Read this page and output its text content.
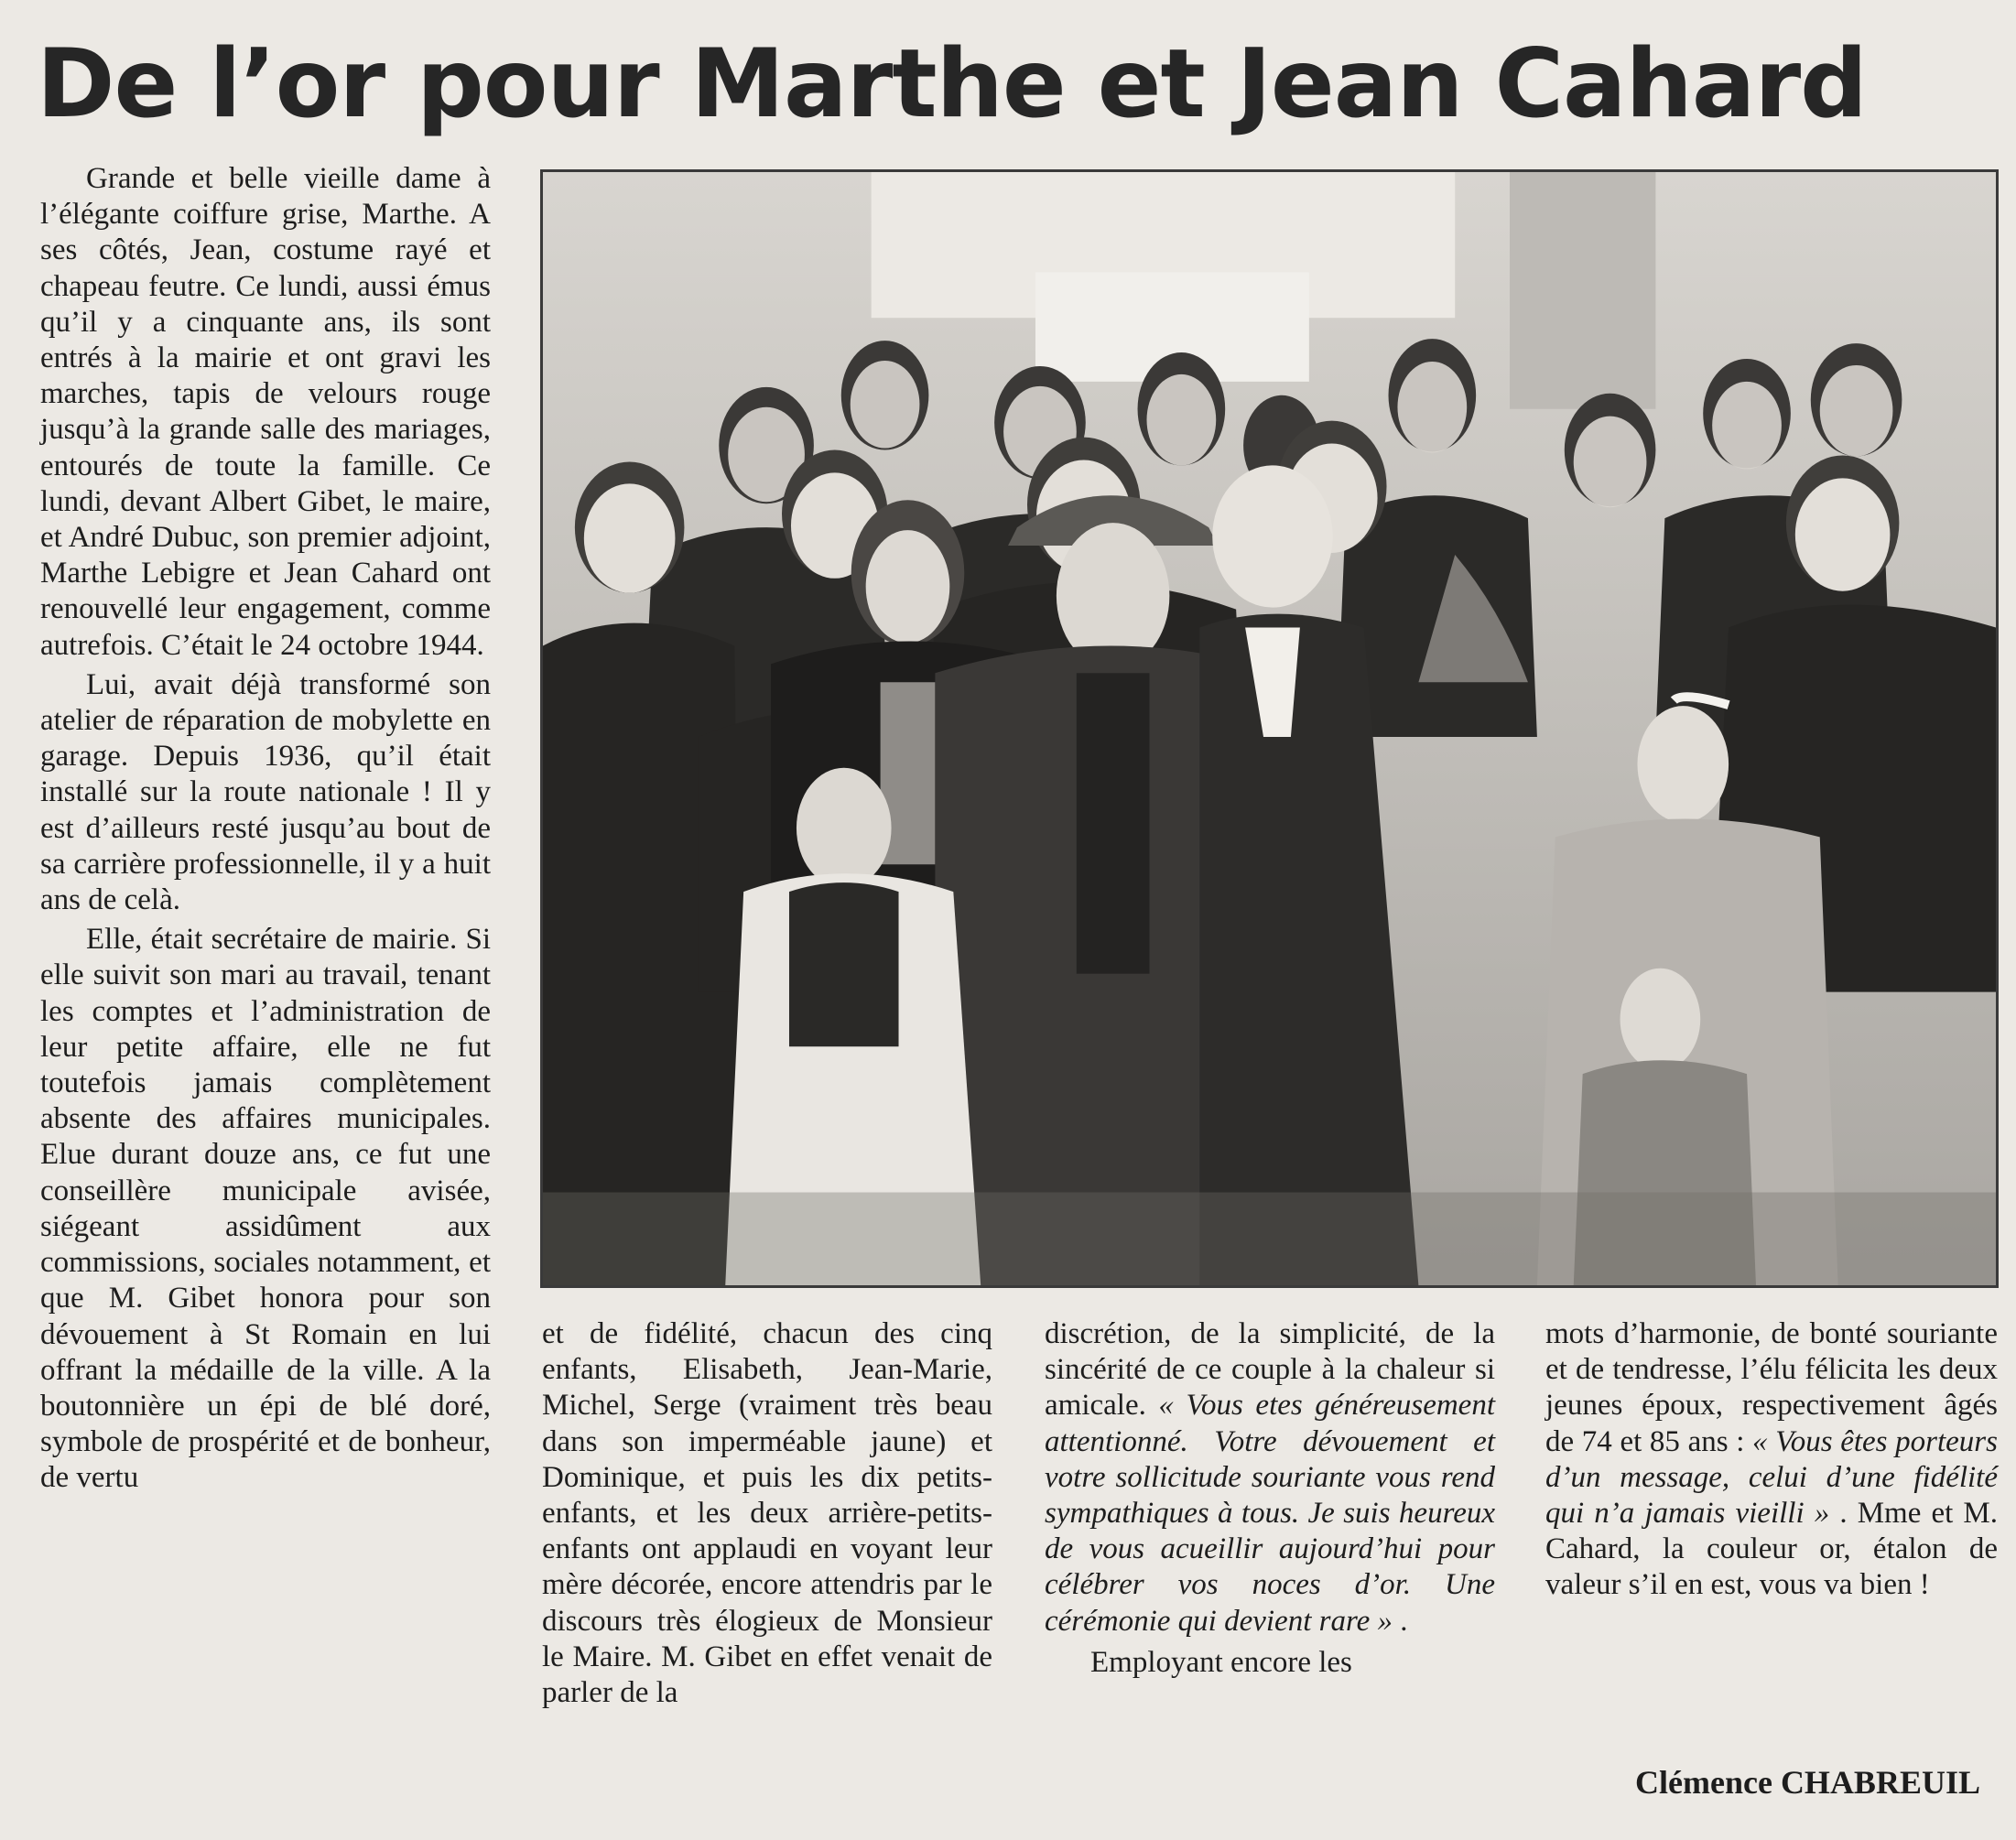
De l’or pour Marthe et Jean Cahard

Grande et belle vieille dame à l’élégante coiffure grise, Marthe. A ses côtés, Jean, costume rayé et chapeau feutre. Ce lundi, aussi émus qu’il y a cinquante ans, ils sont entrés à la mairie et ont gravi les marches, tapis de velours rouge jusqu’à la grande salle des mariages, entourés de toute la famille. Ce lundi, devant Albert Gibet, le maire, et André Dubuc, son premier adjoint, Marthe Lebigre et Jean Cahard ont renouvellé leur engagement, comme autrefois. C’était le 24 octobre 1944.

Lui, avait déjà transformé son atelier de réparation de mobylette en garage. Depuis 1936, qu’il était installé sur la route nationale ! Il y est d’ailleurs resté jusqu’au bout de sa carrière professionnelle, il y a huit ans de celà.

Elle, était secrétaire de mairie. Si elle suivit son mari au travail, tenant les comptes et l’administration de leur petite affaire, elle ne fut toutefois jamais complètement absente des affaires municipales. Elue durant douze ans, ce fut une conseillère municipale avisée, siégeant assidûment aux commissions, sociales notamment, et que M. Gibet honora pour son dévouement à St Romain en lui offrant la médaille de la ville. A la boutonnière un épi de blé doré, symbole de prospérité et de bonheur, de vertu

et de fidélité, chacun des cinq enfants, Elisabeth, Jean-Marie, Michel, Serge (vraiment très beau dans son imperméable jaune) et Dominique, et puis les dix petits-enfants, et les deux arrière-petits-enfants ont applaudi en voyant leur mère décorée, encore attendris par le discours très élogieux de Monsieur le Maire. M. Gibet en effet venait de parler de la

discrétion, de la simplicité, de la sincérité de ce couple à la chaleur si amicale. « Vous etes généreusement attentionné. Votre dévouement et votre sollicitude souriante vous rend sympathiques à tous. Je suis heureux de vous acueillir aujourd’hui pour célébrer vos noces d’or. Une cérémonie qui devient rare » .

Employant encore les

mots d’harmonie, de bonté souriante et de tendresse, l’élu félicita les deux jeunes époux, respectivement âgés de 74 et 85 ans : « Vous êtes porteurs d’un message, celui d’une fidélité qui n’a jamais vieilli » . Mme et M. Cahard, la couleur or, étalon de valeur s’il en est, vous va bien !

Clémence CHABREUIL
